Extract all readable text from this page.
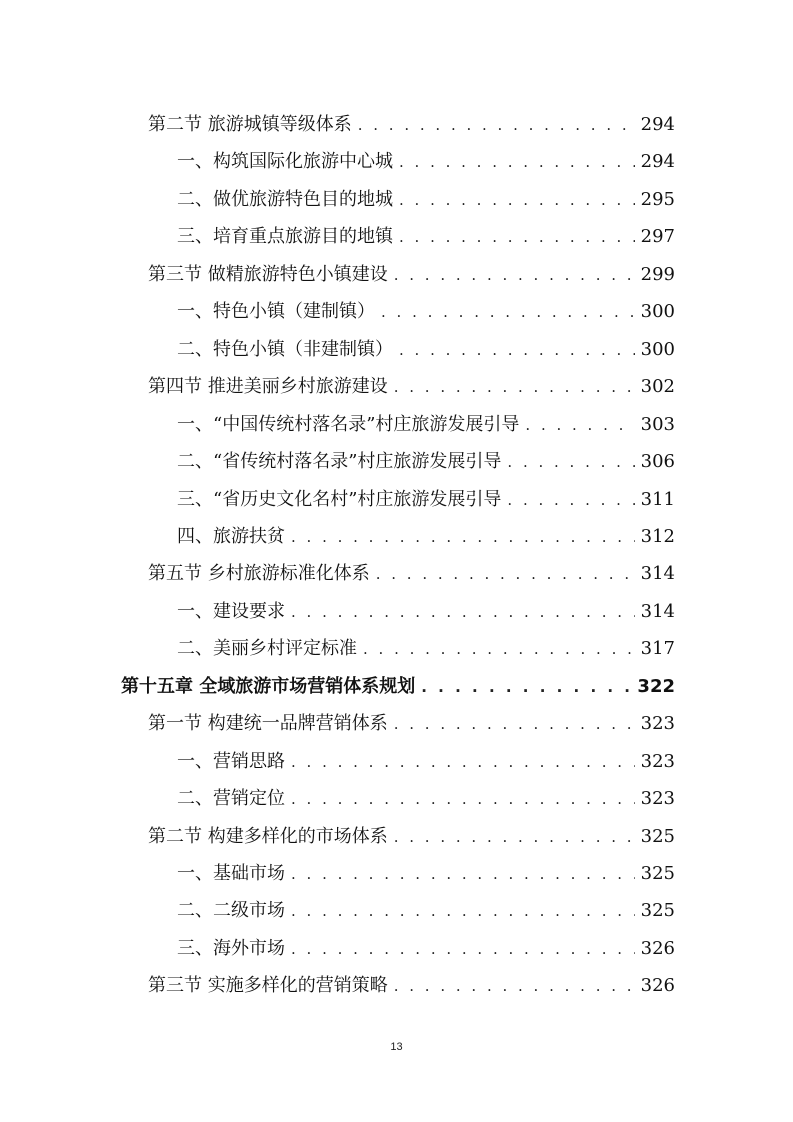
第二节 旅游城镇等级体系 . . .	294
一、构筑国际化旅游中心城 . . .	294
二、做优旅游特色目的地城 . . .	295
三、培育重点旅游目的地镇 . . .	297
第三节 做精旅游特色小镇建设 . . .	299
一、特色小镇（建制镇） . . .	300
二、特色小镇（非建制镇） . . .	300
第四节 推进美丽乡村旅游建设 . . .	302
一、“中国传统村落名录”村庄旅游发展引导 . . .	303
二、“省传统村落名录”村庄旅游发展引导 . . .	306
三、“省历史文化名村”村庄旅游发展引导 . . .	311
四、旅游扶贫 . . .	312
第五节 乡村旅游标准化体系 . . .	314
一、建设要求 . . .	314
二、美丽乡村评定标准 . . .	317
第十五章 全域旅游市场营销体系规划 . . .	322
第一节 构建统一品牌营销体系 . . .	323
一、营销思路 . . .	323
二、营销定位 . . .	323
第二节 构建多样化的市场体系 . . .	325
一、基础市场 . . .	325
二、二级市场 . . .	325
三、海外市场 . . .	326
第三节 实施多样化的营销策略 . . .	326
13
